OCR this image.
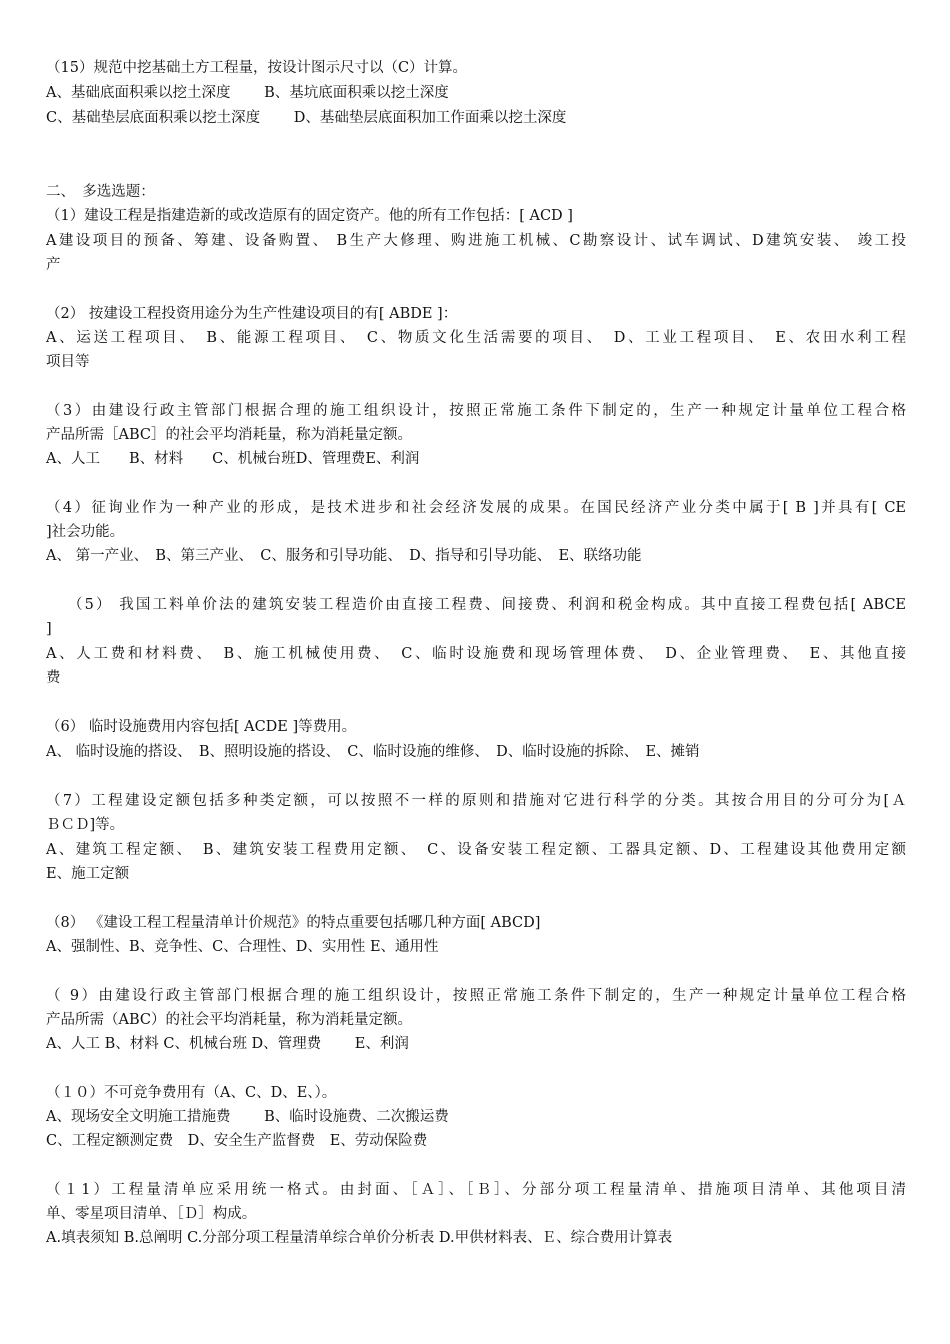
（15）规范中挖基础土方工程量，按设计图示尺寸以（C）计算。
A、基础底面积乘以挖土深度 　　B、基坑底面积乘以挖土深度
C、基础垫层底面积乘以挖土深度 　　D、基础垫层底面积加工作面乘以挖土深度
二、　多选选题：
（1）建设工程是指建造新的或改造原有的固定资产。他的所有工作包括：[ ACD ]
A建设项目的预备、筹建、设备购置、 B生产大修理、购进施工机械、C勘察设计、试车调试、D建筑安装、 竣工投
产
（2） 按建设工程投资用途分为生产性建设项目的有[ ABDE ]：
A、运送工程项目、　B、能源工程项目、　C、物质文化生活需要的项目、　D、工业工程项目、　E、农田水利工程
项目等
（3）由建设行政主管部门根据合理的施工组织设计，按照正常施工条件下制定的，生产一种规定计量单位工程合格
产品所需［ABC］的社会平均消耗量，称为消耗量定额。
A、人工　　B、材料　　C、机械台班D、管理费E、利润
（4）征询业作为一种产业的形成，是技术进步和社会经济发展的成果。在国民经济产业分类中属于[ B ]并具有[ CE
]社会功能。
A、 第一产业、　B、第三产业、　C、服务和引导功能、　D、指导和引导功能、　E、联络功能
（5） 我国工料单价法的建筑安装工程造价由直接工程费、间接费、利润和税金构成。其中直接工程费包括[ ABCE
]
A、人工费和材料费、　B、施工机械使用费、　C、临时设施费和现场管理体费、　D、企业管理费、　E、其他直接
费
（6） 临时设施费用内容包括[ ACDE ]等费用。
A、 临时设施的搭设、　B、照明设施的搭设、　C、临时设施的维修、　D、临时设施的拆除、　E、摊销
（7）工程建设定额包括多种类定额，可以按照不一样的原则和措施对它进行科学的分类。其按合用目的分可分为[Ａ
ＢＣＤ]等。
A、建筑工程定额、　B、建筑安装工程费用定额、　C、设备安装工程定额、工器具定额、D、工程建设其他费用定额
E、施工定额
（8） 《建设工程工程量清单计价规范》的特点重要包括哪几种方面[ ABCD]
A、强制性、B、竞争性、C、合理性、D、实用性 E、通用性
（ 9）由建设行政主管部门根据合理的施工组织设计，按照正常施工条件下制定的，生产一种规定计量单位工程合格
产品所需（ABC）的社会平均消耗量，称为消耗量定额。
A、人工 B、材料 C、机械台班 D、管理费　　 E、利润
（１０）不可竞争费用有（A、C、D、E、）。
A、现场安全文明施工措施费　　 B、临时设施费、二次搬运费
C、工程定额测定费　D、安全生产监督费　E、劳动保险费
（１1）工程量清单应采用统一格式。由封面、［Ａ］、［Ｂ］、分部分项工程量清单、措施项目清单、其他项目清
单、零星项目清单、［Ｄ］构成。
A.填表须知 B.总阐明 C.分部分项工程量清单综合单价分析表 D.甲供材料表、Ｅ、综合费用计算表
